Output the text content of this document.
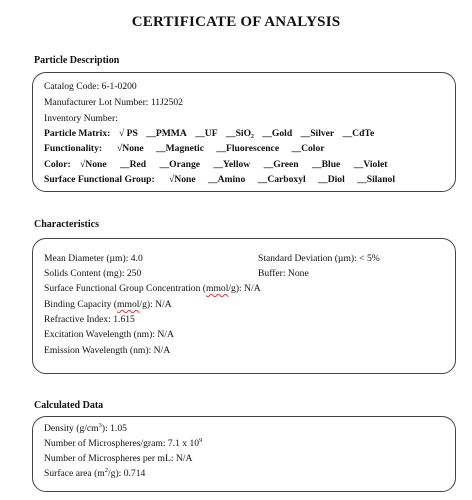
CERTIFICATE OF ANALYSIS
Particle Description
Catalog Code: 6-1-0200
Manufacturer Lot Number: 11J2502
Inventory Number:
Particle Matrix: √ PS __PMMA __UF __SiO₂ __Gold __Silver __CdTe
Functionality: √None __Magnetic __Fluorescence __Color
Color: √None __Red __Orange __Yellow __Green __Blue __Violet
Surface Functional Group: √None __Amino __Carboxyl __Diol __Silanol
Characteristics
Mean Diameter (µm): 4.0	Standard Deviation (µm): < 5%
Solids Content (mg): 250	Buffer: None
Surface Functional Group Concentration (mmol/g): N/A
Binding Capacity (mmol/g): N/A
Refractive Index: 1.615
Excitation Wavelength (nm): N/A
Emission Wavelength (nm): N/A
Calculated Data
Density $(g/cm^3)$: 1.05
Number of Microspheres/gram: 7.1 x $10^9$
Number of Microspheres per mL: N/A
Surface area $(m^2/g)$: 0.714
